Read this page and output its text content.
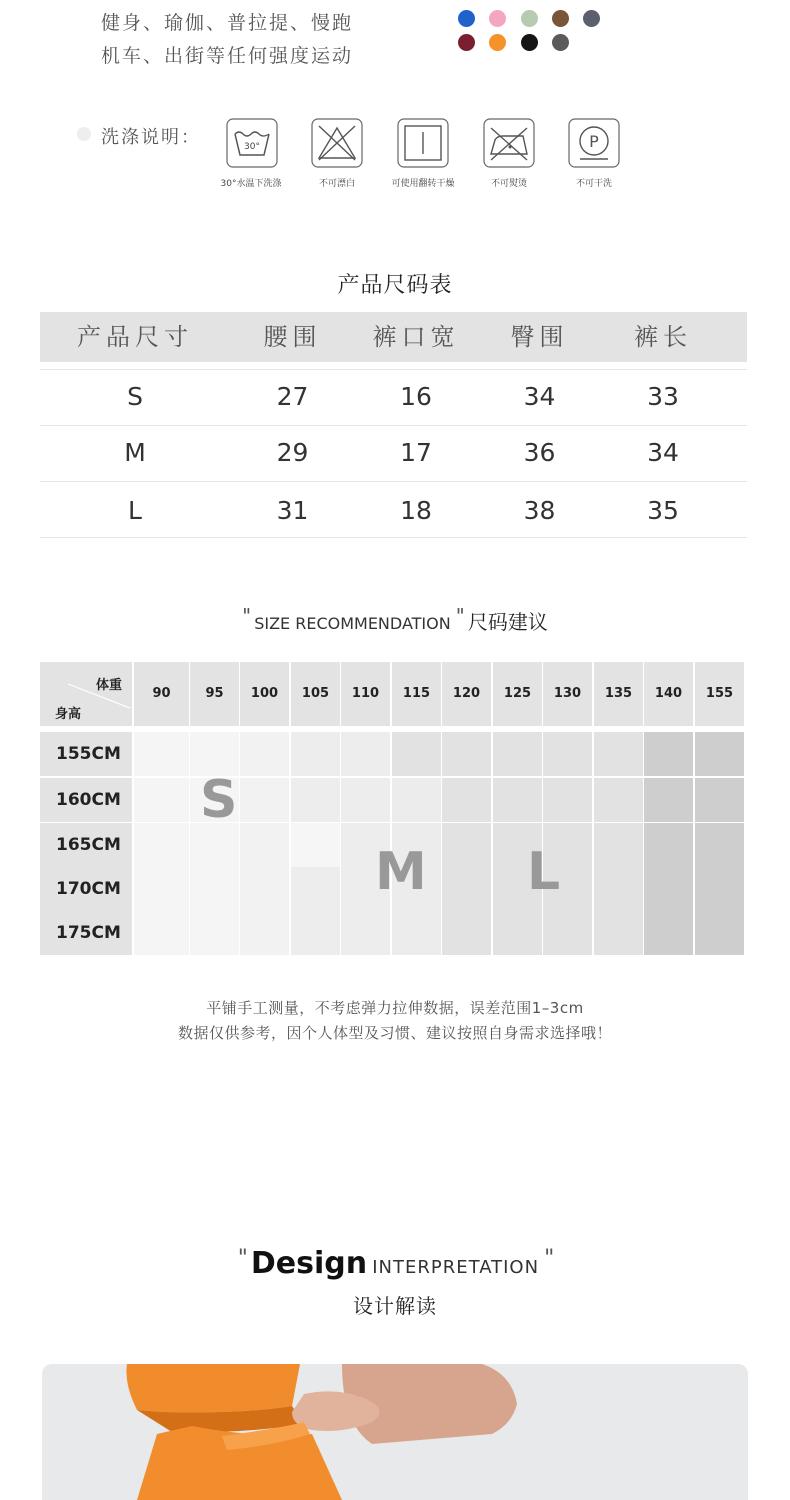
健身、瑜伽、普拉提、慢跑
机车、出街等任何强度运动
洗涤说明：	30°
30°水温下洗涤	不可漂白	可使用翻转干燥	不可熨烫
P
不可干洗
产品尺码表
产品尺寸	腰围	裤口宽	臀围	裤长
S	27	16	34	33
M	29	17	36	34
L	31	18	38	35
'' SIZE RECOMMENDATION '' 尺码建议
体重
身高
90	95	100	105	110	115	120	125	130	135	140	155
155CM
160CM
165CM
170CM
175CM
S
M L
平铺手工测量，不考虑弹力拉伸数据，误差范围1–3cm
数据仅供参考，因个人体型及习惯、建议按照自身需求选择哦！
'' Design INTERPRETATION ''
设计解读
